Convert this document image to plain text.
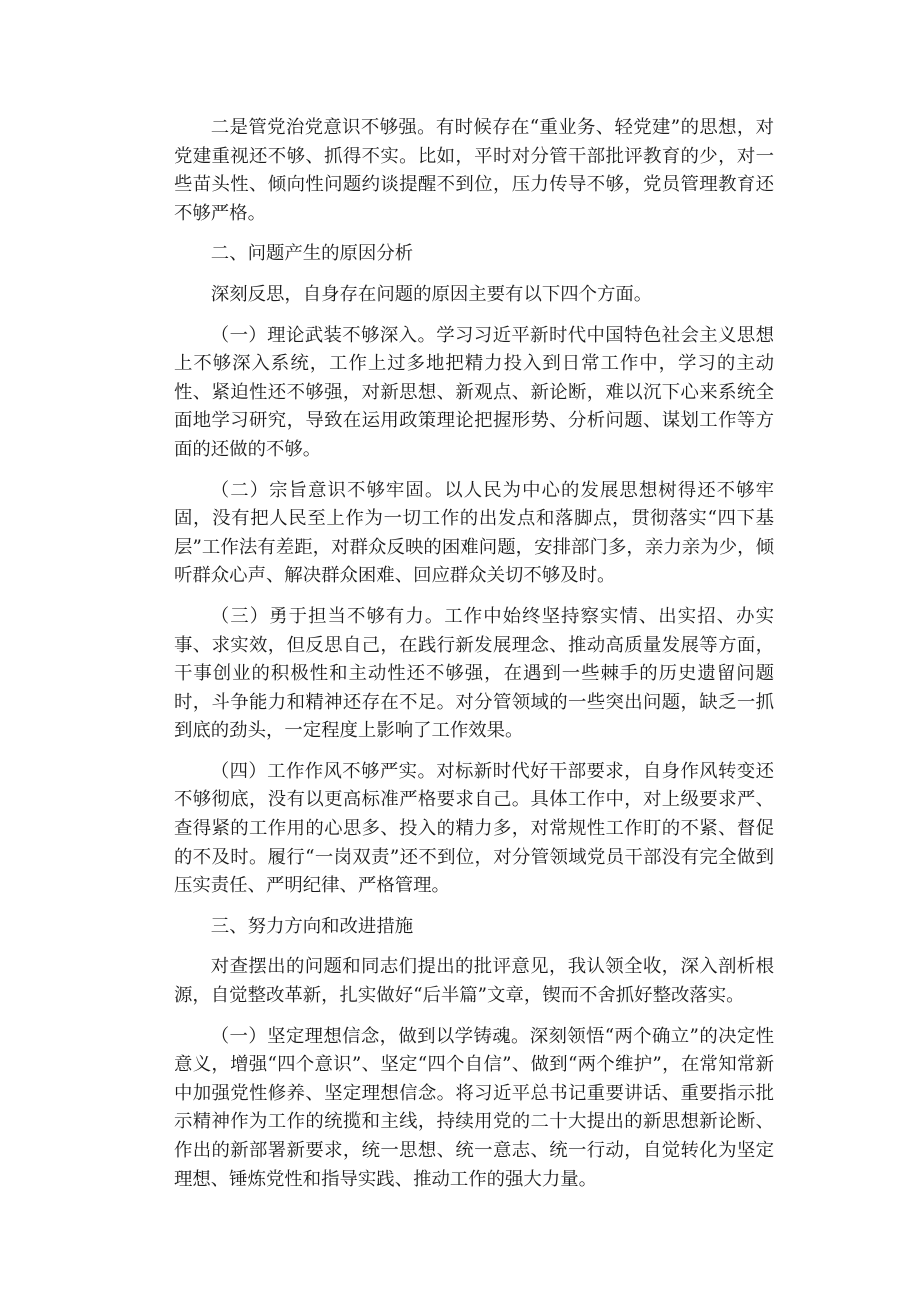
二是管党治党意识不够强。有时候存在“重业务、轻党建”的思想，对党建重视还不够、抓得不实。比如，平时对分管干部批评教育的少，对一些苗头性、倾向性问题约谈提醒不到位，压力传导不够，党员管理教育还不够严格。

二、问题产生的原因分析

深刻反思，自身存在问题的原因主要有以下四个方面。

（一）理论武装不够深入。学习习近平新时代中国特色社会主义思想上不够深入系统，工作上过多地把精力投入到日常工作中，学习的主动性、紧迫性还不够强，对新思想、新观点、新论断，难以沉下心来系统全面地学习研究，导致在运用政策理论把握形势、分析问题、谋划工作等方面的还做的不够。

（二）宗旨意识不够牢固。以人民为中心的发展思想树得还不够牢固，没有把人民至上作为一切工作的出发点和落脚点，贯彻落实“四下基层”工作法有差距，对群众反映的困难问题，安排部门多，亲力亲为少，倾听群众心声、解决群众困难、回应群众关切不够及时。

（三）勇于担当不够有力。工作中始终坚持察实情、出实招、办实事、求实效，但反思自己，在践行新发展理念、推动高质量发展等方面，干事创业的积极性和主动性还不够强，在遇到一些棘手的历史遗留问题时，斗争能力和精神还存在不足。对分管领域的一些突出问题，缺乏一抓到底的劲头，一定程度上影响了工作效果。

（四）工作作风不够严实。对标新时代好干部要求，自身作风转变还不够彻底，没有以更高标准严格要求自己。具体工作中，对上级要求严、查得紧的工作用的心思多、投入的精力多，对常规性工作盯的不紧、督促的不及时。履行“一岗双责”还不到位，对分管领域党员干部没有完全做到压实责任、严明纪律、严格管理。

三、努力方向和改进措施

对查摆出的问题和同志们提出的批评意见，我认领全收，深入剖析根源，自觉整改革新，扎实做好“后半篇”文章，锲而不舍抓好整改落实。

（一）坚定理想信念，做到以学铸魂。深刻领悟“两个确立”的决定性意义，增强“四个意识”、坚定“四个自信”、做到“两个维护”，在常知常新中加强党性修养、坚定理想信念。将习近平总书记重要讲话、重要指示批示精神作为工作的统揽和主线，持续用党的二十大提出的新思想新论断、作出的新部署新要求，统一思想、统一意志、统一行动，自觉转化为坚定理想、锤炼党性和指导实践、推动工作的强大力量。
